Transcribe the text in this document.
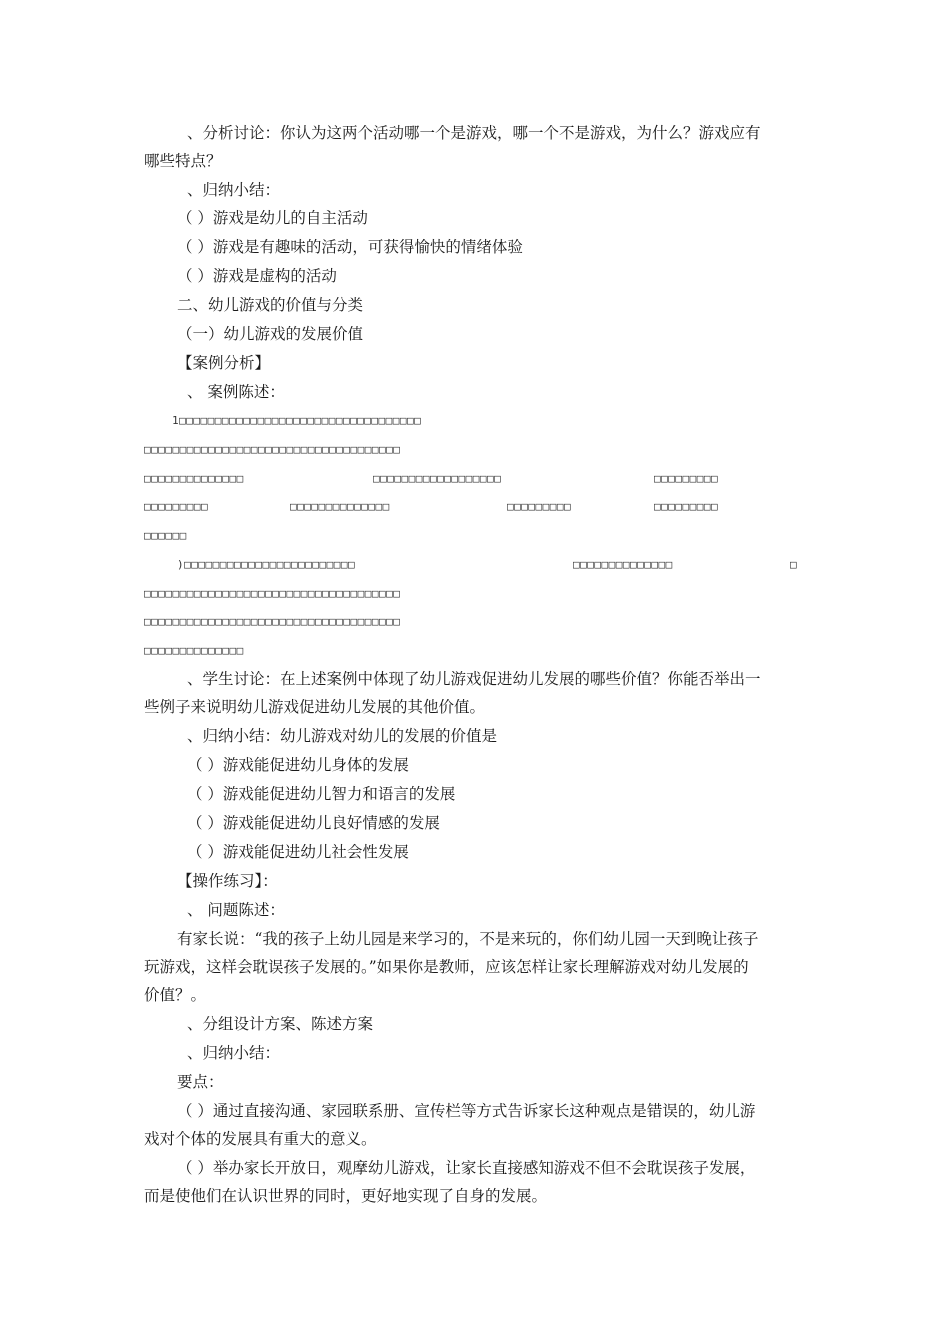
、分析讨论：你认为这两个活动哪一个是游戏，哪一个不是游戏，为什么？游戏应有

哪些特点？

、归纳小结：

（ ）游戏是幼儿的自主活动

（ ）游戏是有趣味的活动，可获得愉快的情绪体验

（ ）游戏是虚构的活动

二、幼儿游戏的价值与分类

（一）幼儿游戏的发展价值

【案例分析】

、 案例陈述：

1□□□□□□□□□□□□□□□□□□□□□□□□□□□□□□□□□□

□□□□□□□□□□□□□□□□□□□□□□□□□□□□□□□□□□□□

□□□□□□□□□□□□□□	□□□□□□□□□□□□□□□□□□	□□□□□□□□□

□□□□□□□□□	□□□□□□□□□□□□□□	□□□□□□□□□	□□□□□□□□□

□□□□□□

)□□□□□□□□□□□□□□□□□□□□□□□□	□□□□□□□□□□□□□□	□

□□□□□□□□□□□□□□□□□□□□□□□□□□□□□□□□□□□□

□□□□□□□□□□□□□□□□□□□□□□□□□□□□□□□□□□□□

□□□□□□□□□□□□□□

、学生讨论：在上述案例中体现了幼儿游戏促进幼儿发展的哪些价值？你能否举出一

些例子来说明幼儿游戏促进幼儿发展的其他价值。

、归纳小结：幼儿游戏对幼儿的发展的价值是

（ ）游戏能促进幼儿身体的发展

（ ）游戏能促进幼儿智力和语言的发展

（ ）游戏能促进幼儿良好情感的发展

（ ）游戏能促进幼儿社会性发展

【操作练习】：

、 问题陈述：

有家长说：“我的孩子上幼儿园是来学习的，不是来玩的，你们幼儿园一天到晚让孩子

玩游戏，这样会耽误孩子发展的。”如果你是教师，应该怎样让家长理解游戏对幼儿发展的

价值？。

、分组设计方案、陈述方案

、归纳小结：

要点：

（ ）通过直接沟通、家园联系册、宣传栏等方式告诉家长这种观点是错误的，幼儿游

戏对个体的发展具有重大的意义。

（ ）举办家长开放日，观摩幼儿游戏，让家长直接感知游戏不但不会耽误孩子发展，

而是使他们在认识世界的同时，更好地实现了自身的发展。
